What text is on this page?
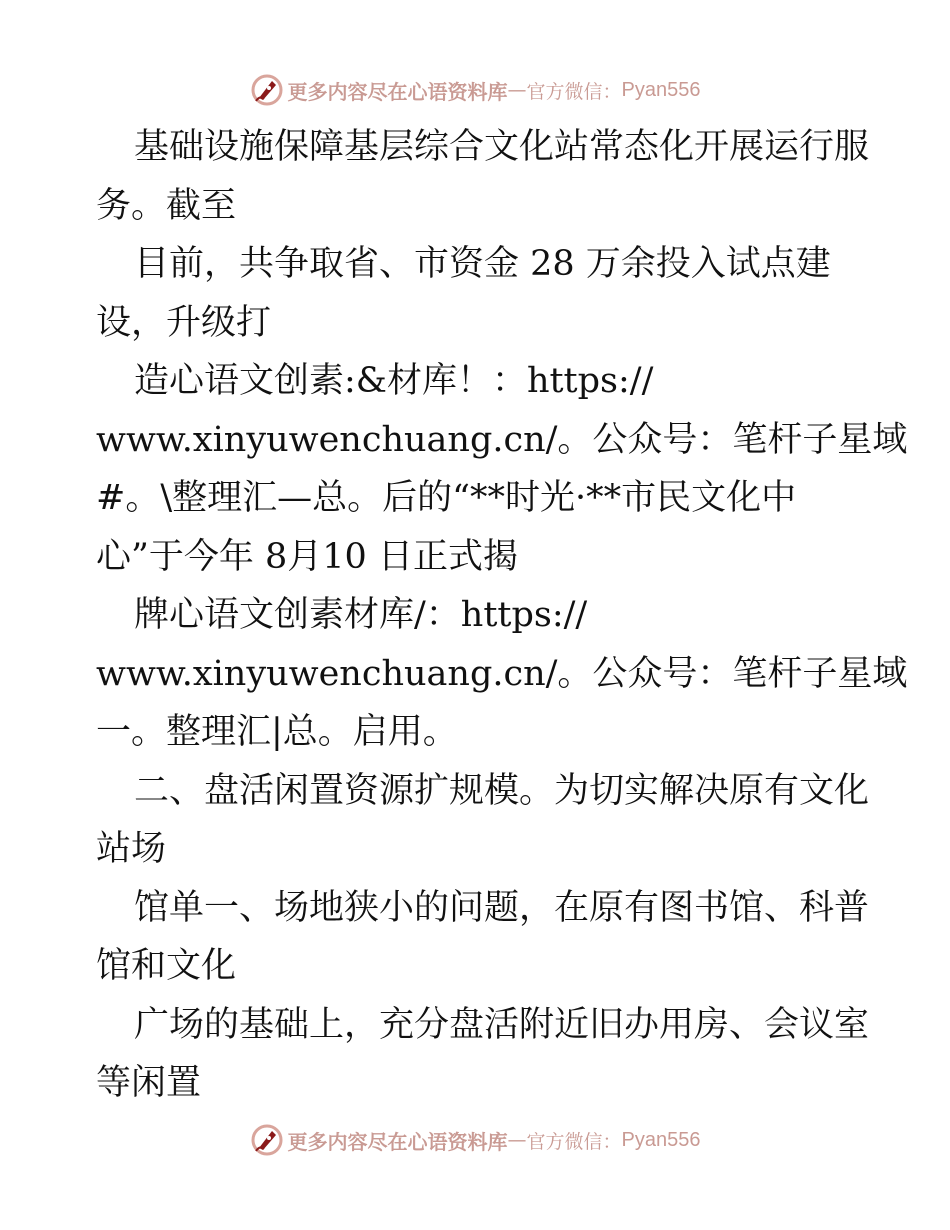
更多内容尽在心语资料库 — 官方微信： Pyan556
基础设施保障基层综合文化站常态化开展运行服
务。截至
目前，共争取省、市资金 28 万余投入试点建
设，升级打
造心语文创素:&材库！：https://
www.xinyuwenchuang.cn/。公众号：笔杆子星域
#。\整理汇—总。后的“**时光·**市民文化中
心”于今年 8月10 日正式揭
牌心语文创素材库/：https://
www.xinyuwenchuang.cn/。公众号：笔杆子星域
一。整理汇|总。启用。
二、盘活闲置资源扩规模。为切实解决原有文化
站场
馆单一、场地狭小的问题，在原有图书馆、科普
馆和文化
广场的基础上，充分盘活附近旧办用房、会议室
等闲置
更多内容尽在心语资料库 — 官方微信： Pyan556
